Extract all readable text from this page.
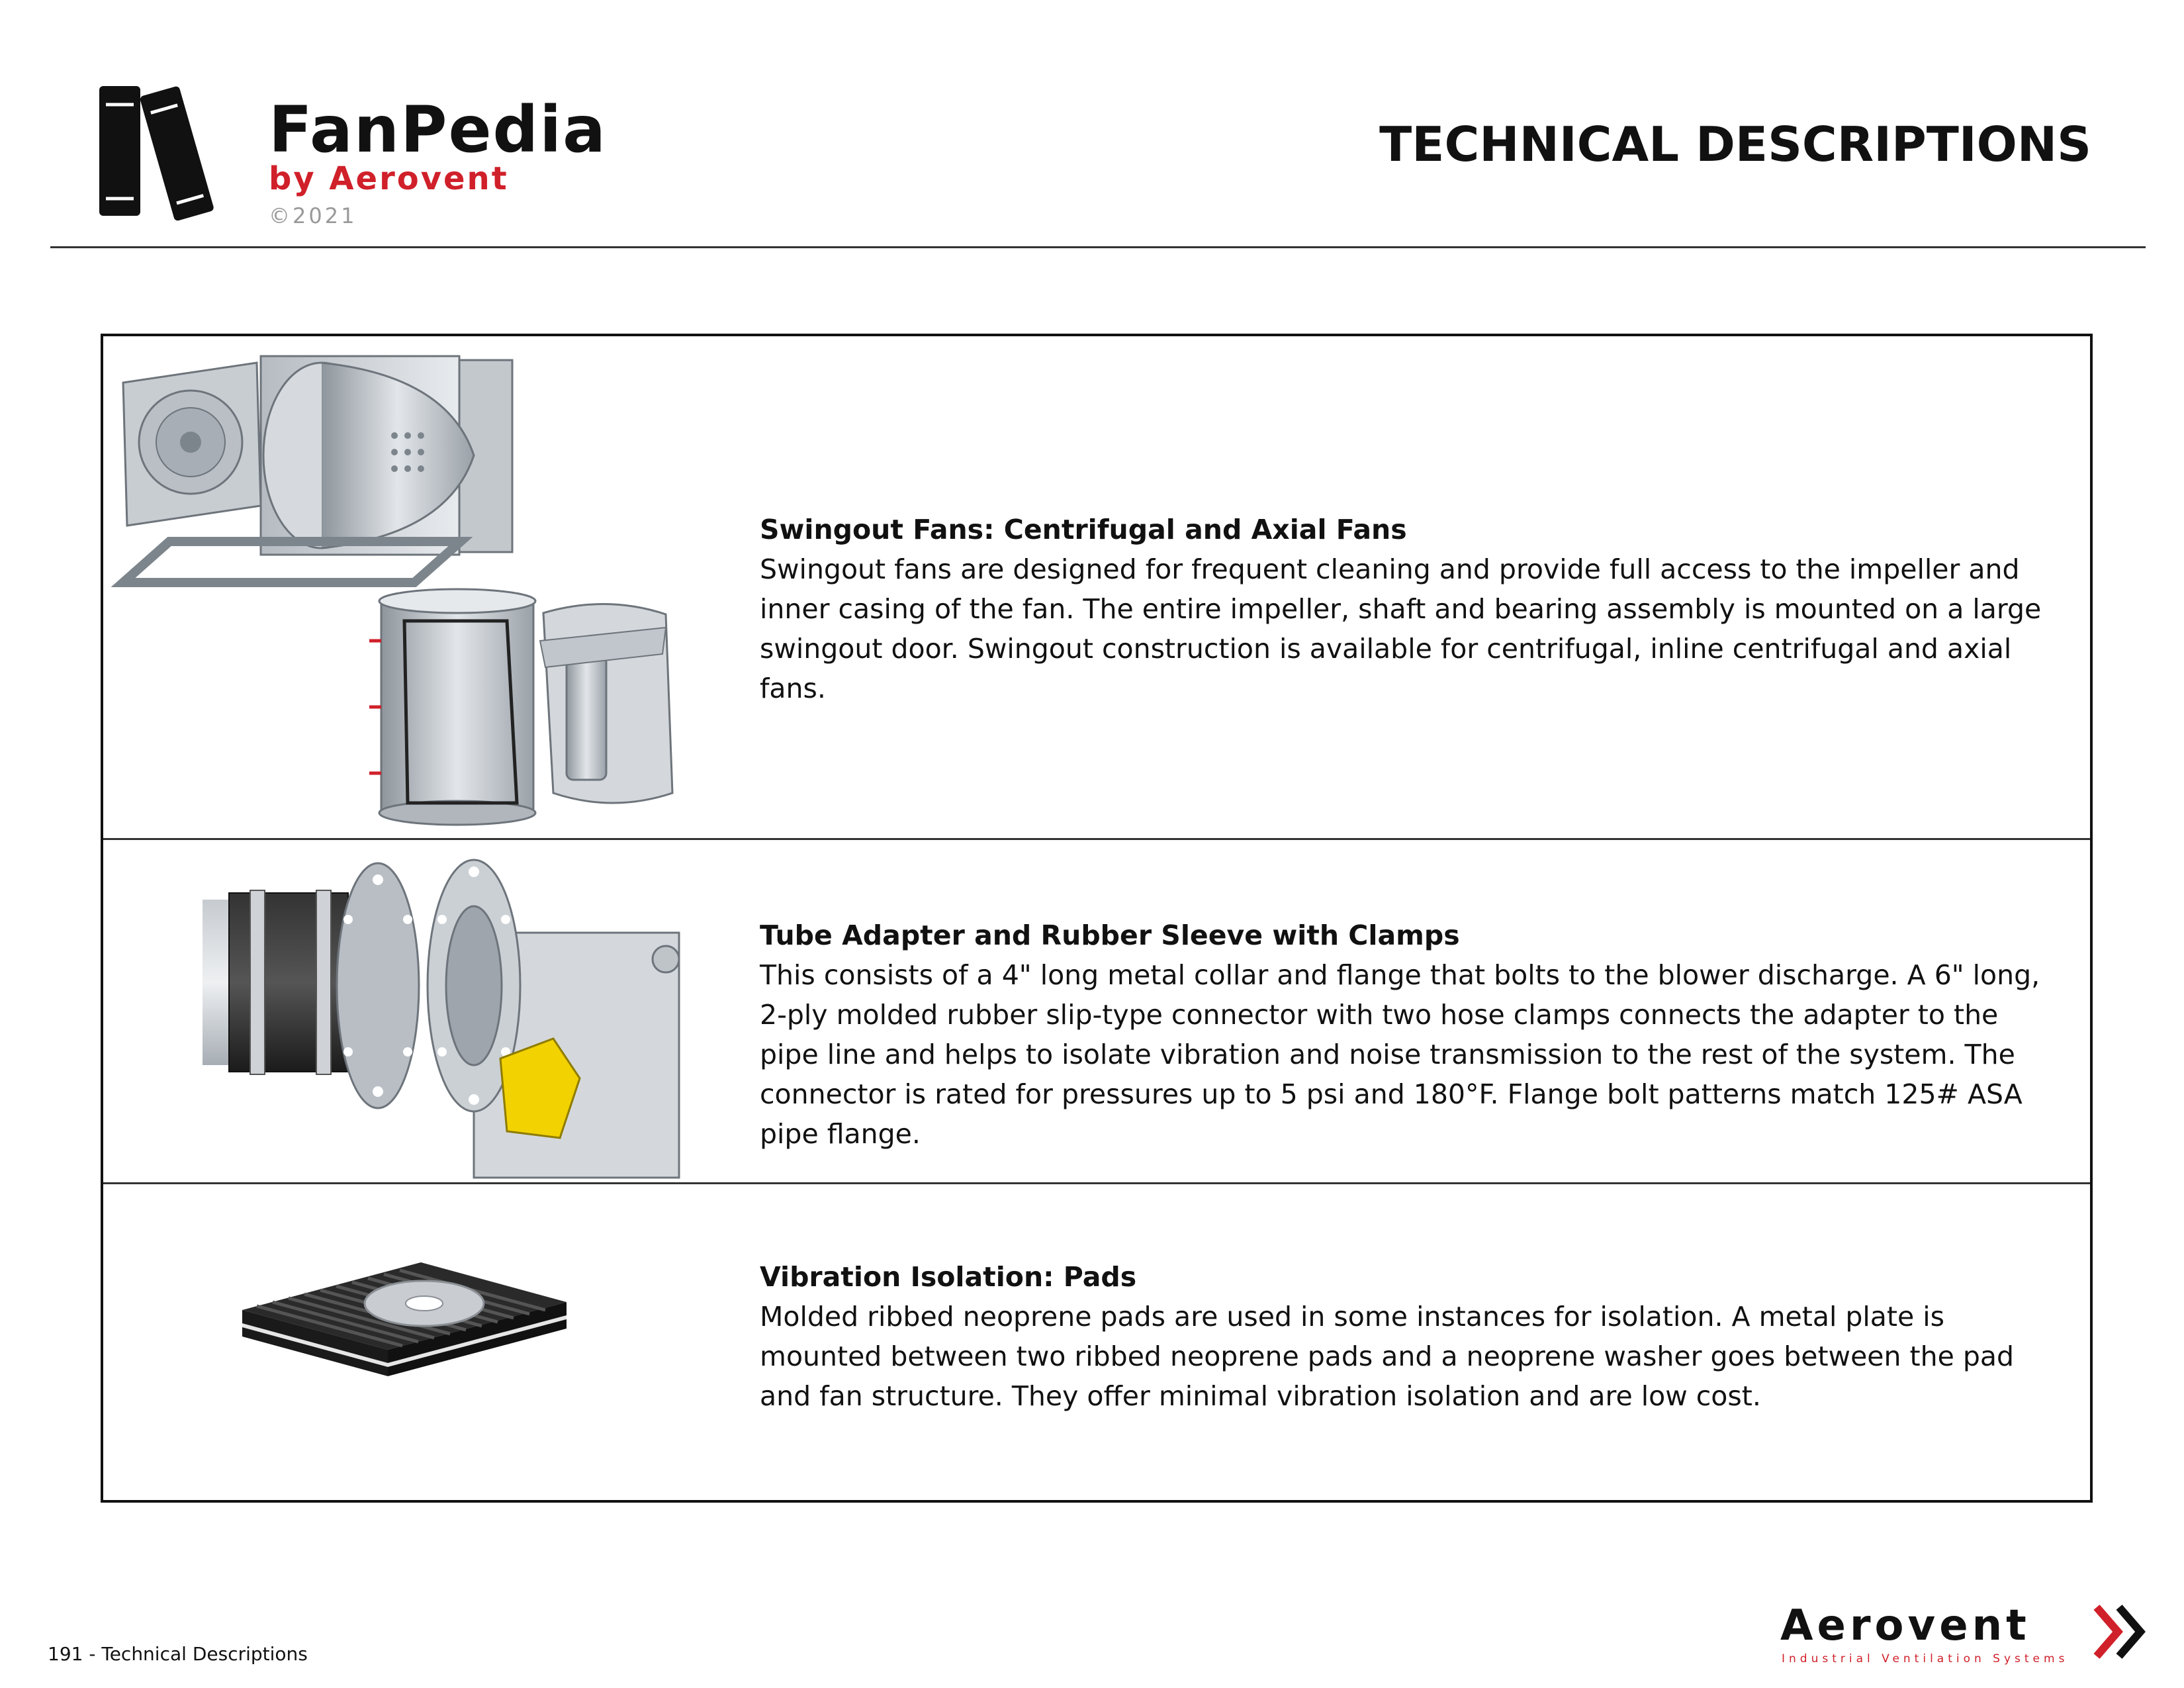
FanPedia
by Aerovent
©2021
TECHNICAL DESCRIPTIONS
Swingout Fans: Centrifugal and Axial Fans
Swingout fans are designed for frequent cleaning and provide full access to the impeller and inner casing of the fan. The entire impeller, shaft and bearing assembly is mounted on a large swingout door. Swingout construction is available for centrifugal, inline centrifugal and axial fans.
Tube Adapter and Rubber Sleeve with Clamps
This consists of a 4" long metal collar and flange that bolts to the blower discharge. A 6" long, 2-ply molded rubber slip-type connector with two hose clamps connects the adapter to the pipe line and helps to isolate vibration and noise transmission to the rest of the system. The connector is rated for pressures up to 5 psi and 180°F. Flange bolt patterns match 125# ASA pipe flange.
Vibration Isolation: Pads
Molded ribbed neoprene pads are used in some instances for isolation. A metal plate is mounted between two ribbed neoprene pads and a neoprene washer goes between the pad and fan structure. They offer minimal vibration isolation and are low cost.
191 - Technical Descriptions
Aerovent
Industrial Ventilation Systems
